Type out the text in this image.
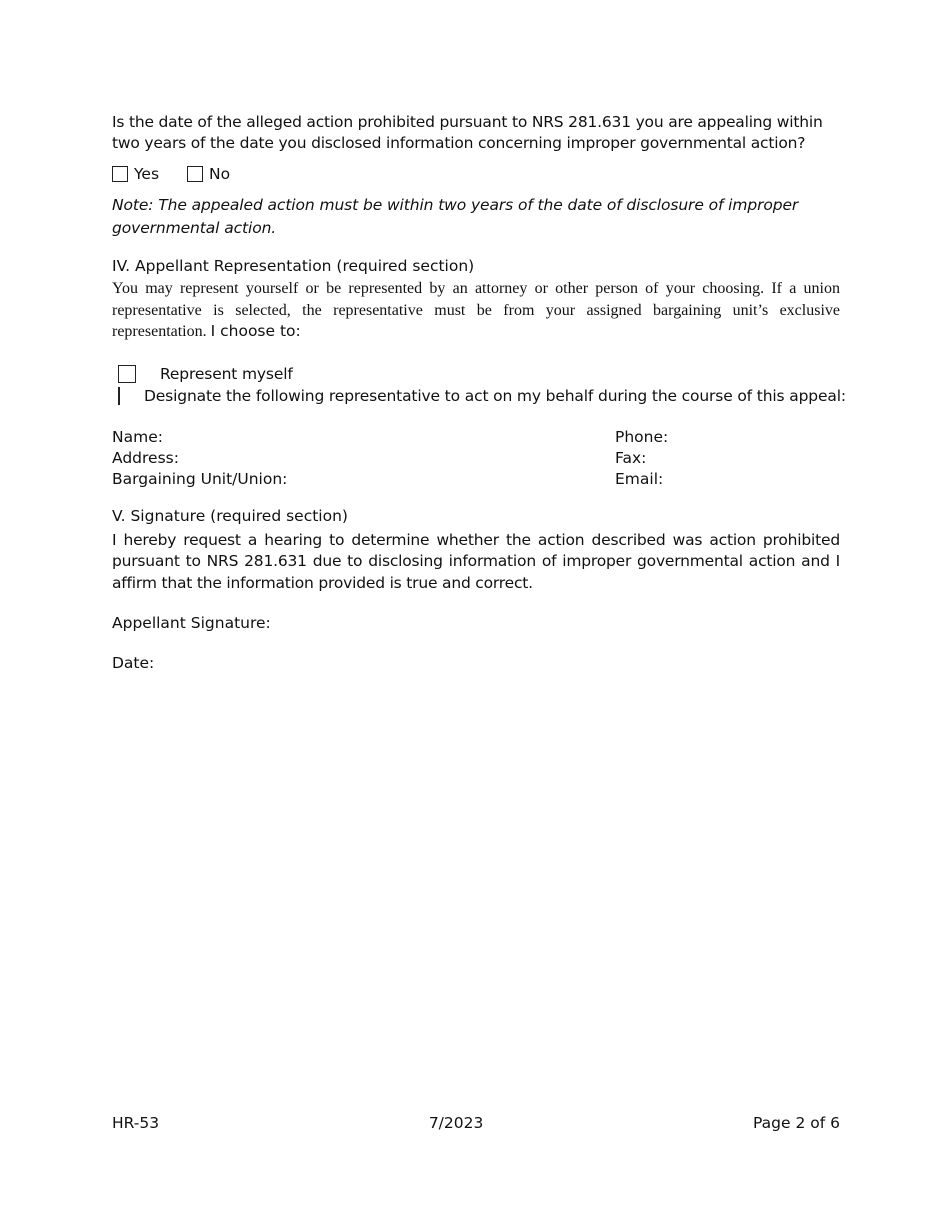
Is the date of the alleged action prohibited pursuant to NRS 281.631 you are appealing within two years of the date you disclosed information concerning improper governmental action?

Yes	No
Note: The appealed action must be within two years of the date of disclosure of improper governmental action.
IV. Appellant Representation (required section)

You may represent yourself or be represented by an attorney or other person of your choosing. If a union representative is selected, the representative must be from your assigned bargaining unit’s exclusive representation. I choose to:

Represent myself
Designate the following representative to act on my behalf during the course of this appeal:
Name:	Phone:
Address:	Fax:
Bargaining Unit/Union:	Email:
V. Signature (required section)

I hereby request a hearing to determine whether the action described was action prohibited pursuant to NRS 281.631 due to disclosing information of improper governmental action and I affirm that the information provided is true and correct.

Appellant Signature:
Date:
HR-53	7/2023	Page 2 of 6
